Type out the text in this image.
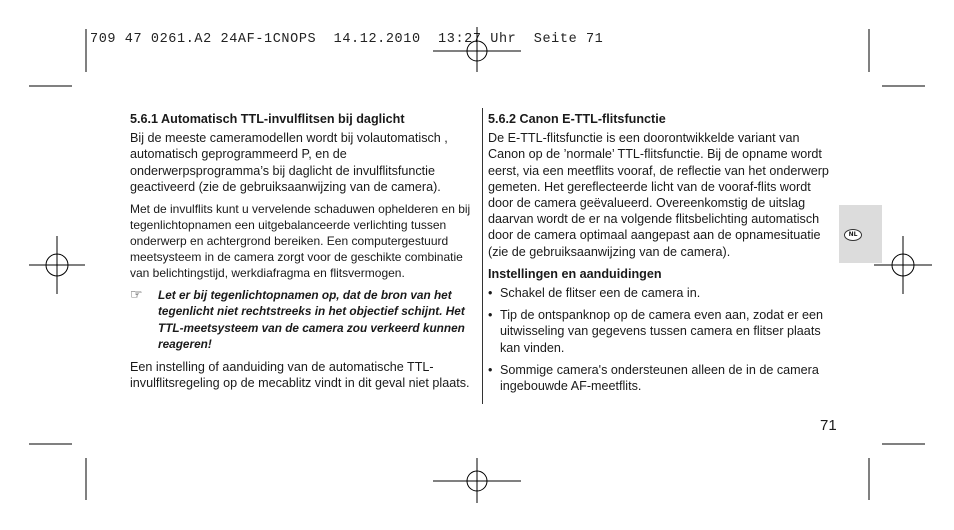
709 47 0261.A2 24AF-1CNOPS  14.12.2010  13:27 Uhr  Seite 71
5.6.1 Automatisch TTL-invulflitsen bij daglicht

Bij de meeste cameramodellen wordt bij volautomatisch , automatisch geprogrammeerd P, en de onderwerpsprogramma’s bij daglicht de invulflitsfunctie geactiveerd (zie de gebruiksaanwijzing van de camera).

Met de invulflits kunt u vervelende schaduwen ophelderen en bij tegenlichtopnamen een uitgebalanceerde verlichting tussen onderwerp en achtergrond bereiken. Een computergestuurd meetsysteem in de camera zorgt voor de geschikte combinatie van belichtingstijd, werkdiafragma en flitsvermogen.

☞ Let er bij tegenlichtopnamen op, dat de bron van het tegenlicht niet rechtstreeks in het objectief schijnt. Het TTL-meetsysteem van de camera zou verkeerd kunnen reageren!

Een instelling of aanduiding van de automatische TTL-invulflitsregeling op de mecablitz vindt in dit geval niet plaats.

5.6.2 Canon E-TTL-flitsfunctie

De E-TTL-flitsfunctie is een doorontwikkelde variant van Canon op de ’normale’ TTL-flitsfunctie. Bij de opname wordt eerst, via een meetflits vooraf, de reflectie van het onderwerp gemeten. Het gereflecteerde licht van de vooraf-flits wordt door de camera geëvalueerd. Overeenkomstig de uitslag daarvan wordt de er na volgende flitsbelichting automatisch door de camera optimaal aangepast aan de opnamesituatie (zie de gebruiksaanwijzing van de camera).

Instellingen en aanduidingen
• Schakel de flitser een de camera in.
• Tip de ontspanknop op de camera even aan, zodat er een uitwisseling van gegevens tussen camera en flitser plaats kan vinden.
• Sommige camera's ondersteunen alleen de in de camera ingebouwde AF-meetflits.
NL
71
